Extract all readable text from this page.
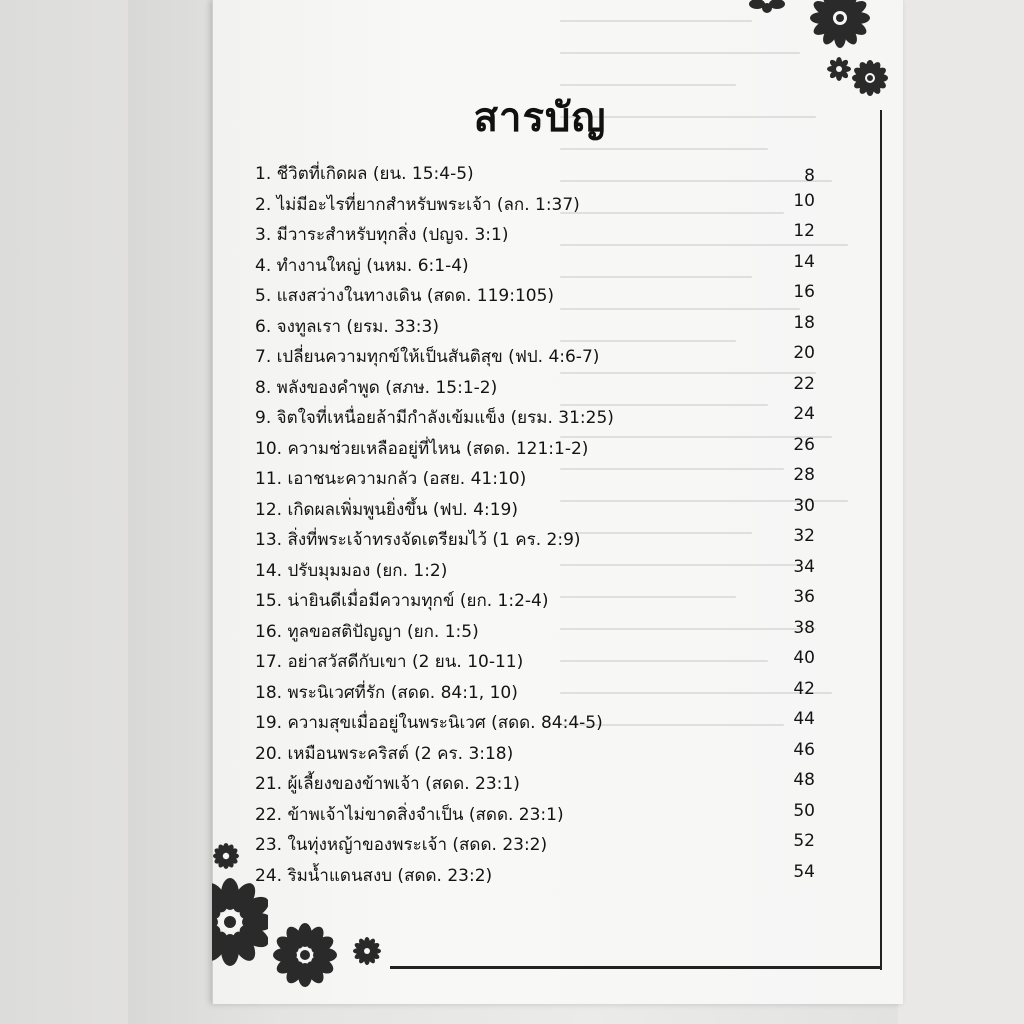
สารบัญ
1. ชีวิตที่เกิดผล (ยน. 15:4-5)	8
2. ไม่มีอะไรที่ยากสำหรับพระเจ้า (ลก. 1:37)	10
3. มีวาระสำหรับทุกสิ่ง (ปญจ. 3:1)	12
4. ทำงานใหญ่ (นหม. 6:1-4)	14
5. แสงสว่างในทางเดิน (สดด. 119:105)	16
6. จงทูลเรา (ยรม. 33:3)	18
7. เปลี่ยนความทุกข์ให้เป็นสันติสุข (ฟป. 4:6-7)	20
8. พลังของคำพูด (สภษ. 15:1-2)	22
9. จิตใจที่เหนื่อยล้ามีกำลังเข้มแข็ง (ยรม. 31:25)	24
10. ความช่วยเหลืออยู่ที่ไหน (สดด. 121:1-2)	26
11. เอาชนะความกลัว (อสย. 41:10)	28
12. เกิดผลเพิ่มพูนยิ่งขึ้น (ฟป. 4:19)	30
13. สิ่งที่พระเจ้าทรงจัดเตรียมไว้ (1 คร. 2:9)	32
14. ปรับมุมมอง (ยก. 1:2)	34
15. น่ายินดีเมื่อมีความทุกข์ (ยก. 1:2-4)	36
16. ทูลขอสติปัญญา (ยก. 1:5)	38
17. อย่าสวัสดีกับเขา (2 ยน. 10-11)	40
18. พระนิเวศที่รัก (สดด. 84:1, 10)	42
19. ความสุขเมื่ออยู่ในพระนิเวศ (สดด. 84:4-5)	44
20. เหมือนพระคริสต์ (2 คร. 3:18)	46
21. ผู้เลี้ยงของข้าพเจ้า (สดด. 23:1)	48
22. ข้าพเจ้าไม่ขาดสิ่งจำเป็น (สดด. 23:1)	50
23. ในทุ่งหญ้าของพระเจ้า (สดด. 23:2)	52
24. ริมน้ำแดนสงบ (สดด. 23:2)	54
